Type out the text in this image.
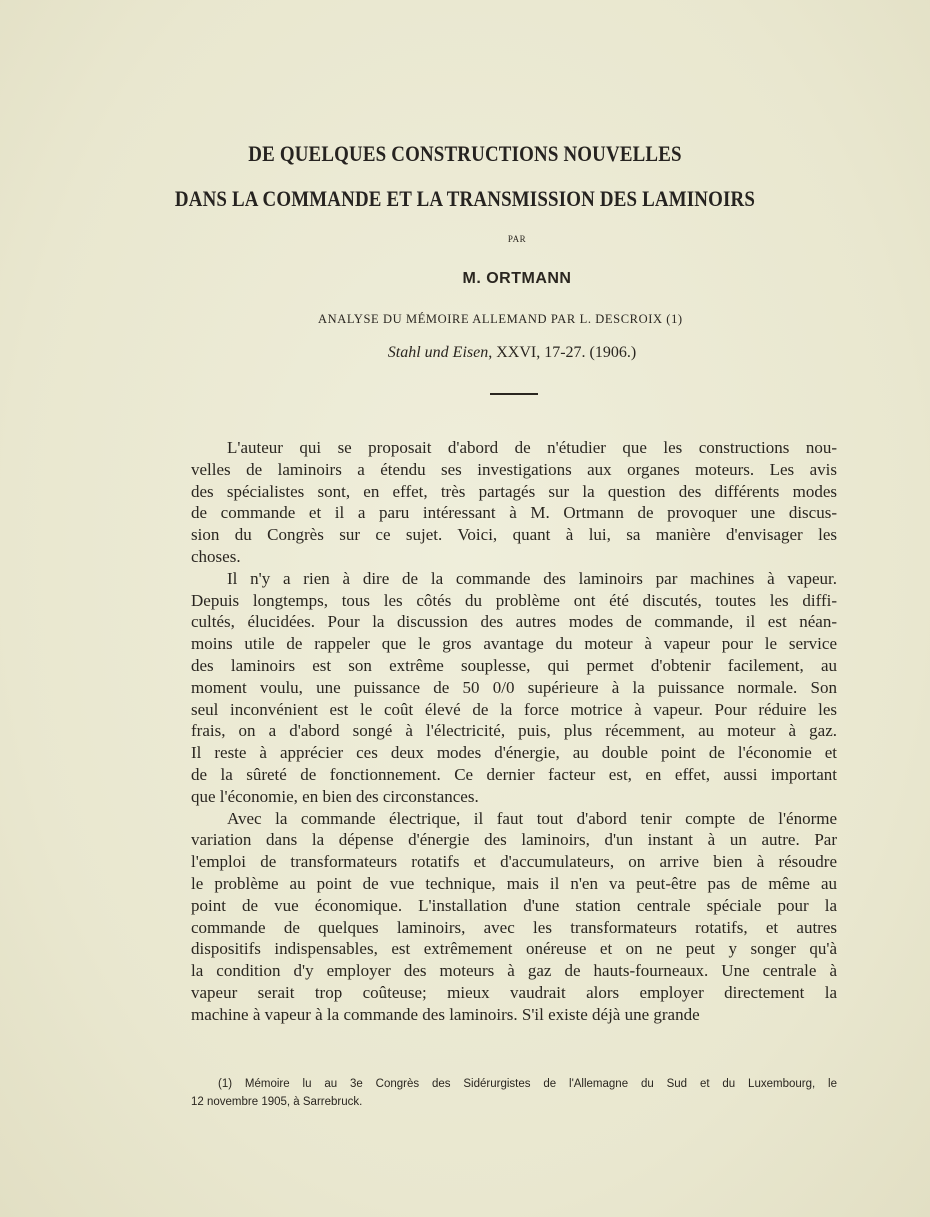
DE QUELQUES CONSTRUCTIONS NOUVELLES
DANS LA COMMANDE ET LA TRANSMISSION DES LAMINOIRS
PAR
M. ORTMANN
ANALYSE DU MÉMOIRE ALLEMAND PAR L. DESCROIX (1)
Stahl und Eisen, XXVI, 17-27. (1906.)

L'auteur qui se proposait d'abord de n'étudier que les constructions nou-
velles de laminoirs a étendu ses investigations aux organes moteurs. Les avis
des spécialistes sont, en effet, très partagés sur la question des différents modes
de commande et il a paru intéressant à M. Ortmann de provoquer une discus-
sion du Congrès sur ce sujet. Voici, quant à lui, sa manière d'envisager les
choses.

Il n'y a rien à dire de la commande des laminoirs par machines à vapeur.
Depuis longtemps, tous les côtés du problème ont été discutés, toutes les diffi-
cultés, élucidées. Pour la discussion des autres modes de commande, il est néan-
moins utile de rappeler que le gros avantage du moteur à vapeur pour le service
des laminoirs est son extrême souplesse, qui permet d'obtenir facilement, au
moment voulu, une puissance de 50 0/0 supérieure à la puissance normale. Son
seul inconvénient est le coût élevé de la force motrice à vapeur. Pour réduire les
frais, on a d'abord songé à l'électricité, puis, plus récemment, au moteur à gaz.
Il reste à apprécier ces deux modes d'énergie, au double point de l'économie et
de la sûreté de fonctionnement. Ce dernier facteur est, en effet, aussi important
que l'économie, en bien des circonstances.

Avec la commande électrique, il faut tout d'abord tenir compte de l'énorme
variation dans la dépense d'énergie des laminoirs, d'un instant à un autre. Par
l'emploi de transformateurs rotatifs et d'accumulateurs, on arrive bien à résoudre
le problème au point de vue technique, mais il n'en va peut-être pas de même au
point de vue économique. L'installation d'une station centrale spéciale pour la
commande de quelques laminoirs, avec les transformateurs rotatifs, et autres
dispositifs indispensables, est extrêmement onéreuse et on ne peut y songer qu'à
la condition d'y employer des moteurs à gaz de hauts-fourneaux. Une centrale à
vapeur serait trop coûteuse; mieux vaudrait alors employer directement la
machine à vapeur à la commande des laminoirs. S'il existe déjà une grande

(1) Mémoire lu au 3e Congrès des Sidérurgistes de l'Allemagne du Sud et du Luxembourg, le
12 novembre 1905, à Sarrebruck.
